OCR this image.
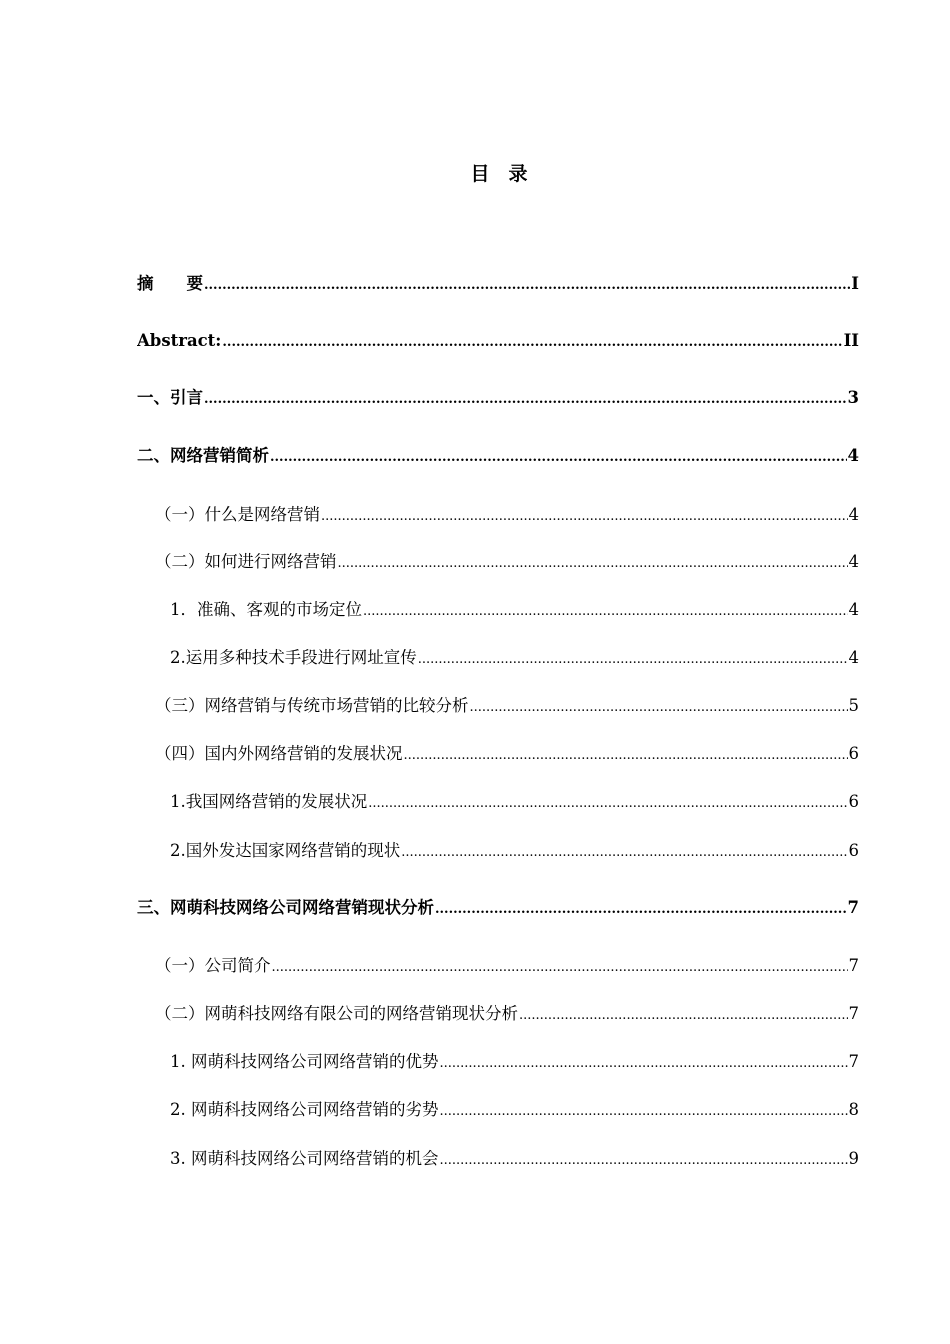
目　录
摘　　要 .....	I
Abstract: .....	II
一、引言 .....	3
二、网络营销简析 .....	4
（一）什么是网络营销 .....	4
（二）如何进行网络营销 .....	4
1．准确、客观的市场定位 .....	4
2.运用多种技术手段进行网址宣传 .....	4
（三）网络营销与传统市场营销的比较分析 .....	5
（四）国内外网络营销的发展状况 .....	6
1.我国网络营销的发展状况 .....	6
2.国外发达国家网络营销的现状 .....	6
三、网萌科技网络公司网络营销现状分析 .....	7
（一）公司简介 .....	7
（二）网萌科技网络有限公司的网络营销现状分析 .....	7
1. 网萌科技网络公司网络营销的优势 .....	7
2. 网萌科技网络公司网络营销的劣势 .....	8
3. 网萌科技网络公司网络营销的机会 .....	9
